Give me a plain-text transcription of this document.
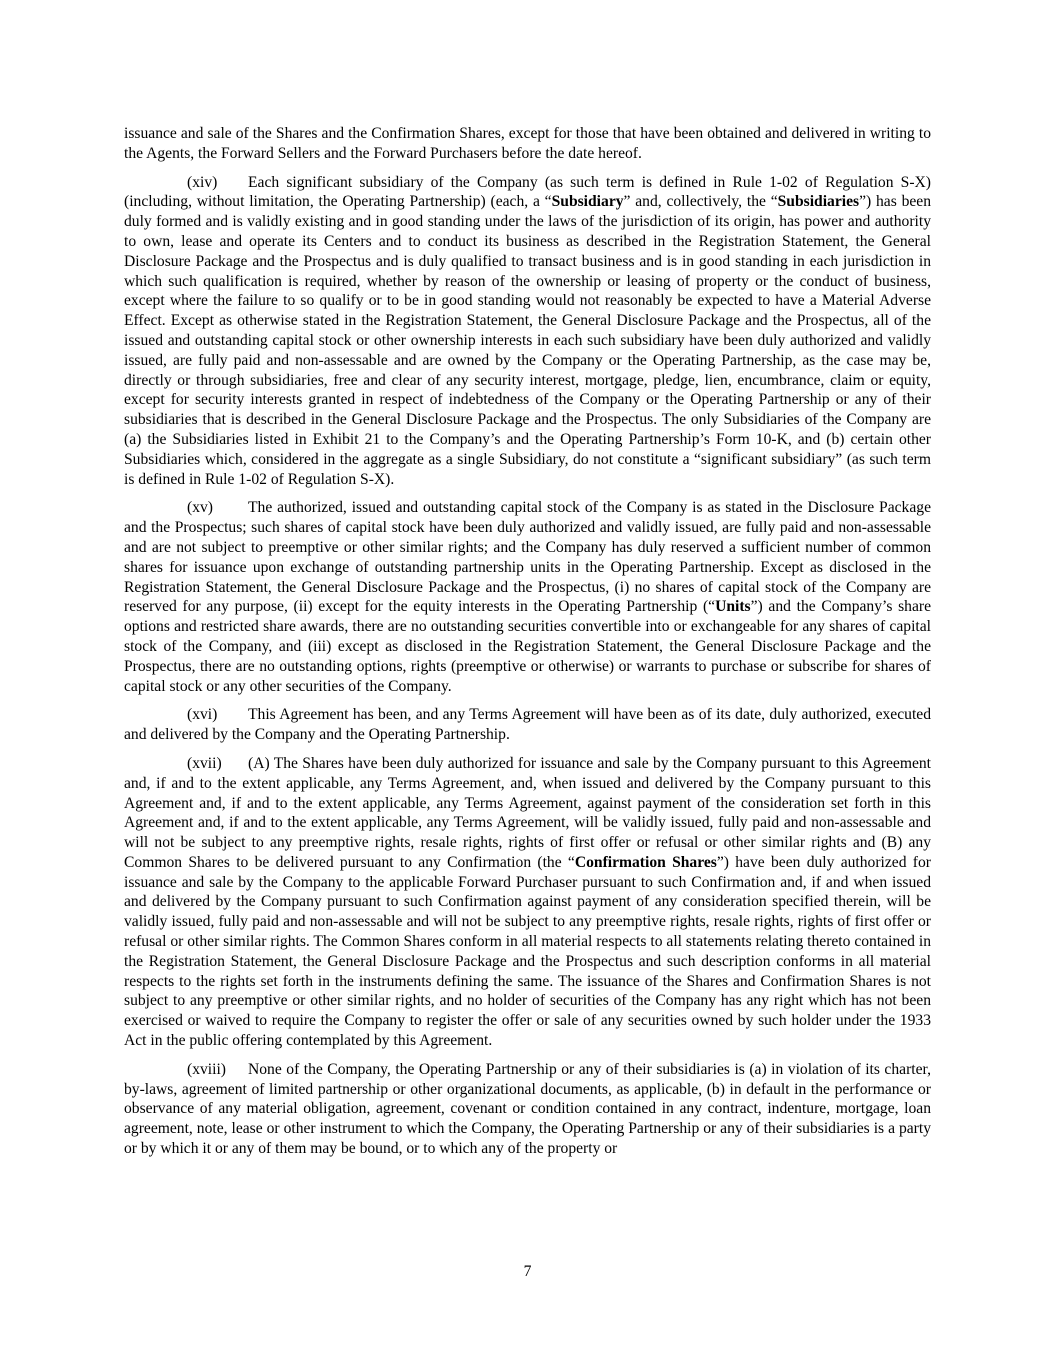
issuance and sale of the Shares and the Confirmation Shares, except for those that have been obtained and delivered in writing to the Agents, the Forward Sellers and the Forward Purchasers before the date hereof.

(xiv) Each significant subsidiary of the Company (as such term is defined in Rule 1-02 of Regulation S-X) (including, without limitation, the Operating Partnership) (each, a “Subsidiary” and, collectively, the “Subsidiaries”) has been duly formed and is validly existing and in good standing under the laws of the jurisdiction of its origin, has power and authority to own, lease and operate its Centers and to conduct its business as described in the Registration Statement, the General Disclosure Package and the Prospectus and is duly qualified to transact business and is in good standing in each jurisdiction in which such qualification is required, whether by reason of the ownership or leasing of property or the conduct of business, except where the failure to so qualify or to be in good standing would not reasonably be expected to have a Material Adverse Effect. Except as otherwise stated in the Registration Statement, the General Disclosure Package and the Prospectus, all of the issued and outstanding capital stock or other ownership interests in each such subsidiary have been duly authorized and validly issued, are fully paid and non-assessable and are owned by the Company or the Operating Partnership, as the case may be, directly or through subsidiaries, free and clear of any security interest, mortgage, pledge, lien, encumbrance, claim or equity, except for security interests granted in respect of indebtedness of the Company or the Operating Partnership or any of their subsidiaries that is described in the General Disclosure Package and the Prospectus. The only Subsidiaries of the Company are (a) the Subsidiaries listed in Exhibit 21 to the Company’s and the Operating Partnership’s Form 10-K, and (b) certain other Subsidiaries which, considered in the aggregate as a single Subsidiary, do not constitute a “significant subsidiary” (as such term is defined in Rule 1-02 of Regulation S-X).

(xv) The authorized, issued and outstanding capital stock of the Company is as stated in the Disclosure Package and the Prospectus; such shares of capital stock have been duly authorized and validly issued, are fully paid and non-assessable and are not subject to preemptive or other similar rights; and the Company has duly reserved a sufficient number of common shares for issuance upon exchange of outstanding partnership units in the Operating Partnership. Except as disclosed in the Registration Statement, the General Disclosure Package and the Prospectus, (i) no shares of capital stock of the Company are reserved for any purpose, (ii) except for the equity interests in the Operating Partnership (“Units”) and the Company’s share options and restricted share awards, there are no outstanding securities convertible into or exchangeable for any shares of capital stock of the Company, and (iii) except as disclosed in the Registration Statement, the General Disclosure Package and the Prospectus, there are no outstanding options, rights (preemptive or otherwise) or warrants to purchase or subscribe for shares of capital stock or any other securities of the Company.

(xvi) This Agreement has been, and any Terms Agreement will have been as of its date, duly authorized, executed and delivered by the Company and the Operating Partnership.

(xvii) (A) The Shares have been duly authorized for issuance and sale by the Company pursuant to this Agreement and, if and to the extent applicable, any Terms Agreement, and, when issued and delivered by the Company pursuant to this Agreement and, if and to the extent applicable, any Terms Agreement, against payment of the consideration set forth in this Agreement and, if and to the extent applicable, any Terms Agreement, will be validly issued, fully paid and non-assessable and will not be subject to any preemptive rights, resale rights, rights of first offer or refusal or other similar rights and (B) any Common Shares to be delivered pursuant to any Confirmation (the “Confirmation Shares”) have been duly authorized for issuance and sale by the Company to the applicable Forward Purchaser pursuant to such Confirmation and, if and when issued and delivered by the Company pursuant to such Confirmation against payment of any consideration specified therein, will be validly issued, fully paid and non-assessable and will not be subject to any preemptive rights, resale rights, rights of first offer or refusal or other similar rights. The Common Shares conform in all material respects to all statements relating thereto contained in the Registration Statement, the General Disclosure Package and the Prospectus and such description conforms in all material respects to the rights set forth in the instruments defining the same. The issuance of the Shares and Confirmation Shares is not subject to any preemptive or other similar rights, and no holder of securities of the Company has any right which has not been exercised or waived to require the Company to register the offer or sale of any securities owned by such holder under the 1933 Act in the public offering contemplated by this Agreement.

(xviii) None of the Company, the Operating Partnership or any of their subsidiaries is (a) in violation of its charter, by-laws, agreement of limited partnership or other organizational documents, as applicable, (b) in default in the performance or observance of any material obligation, agreement, covenant or condition contained in any contract, indenture, mortgage, loan agreement, note, lease or other instrument to which the Company, the Operating Partnership or any of their subsidiaries is a party or by which it or any of them may be bound, or to which any of the property or

7
